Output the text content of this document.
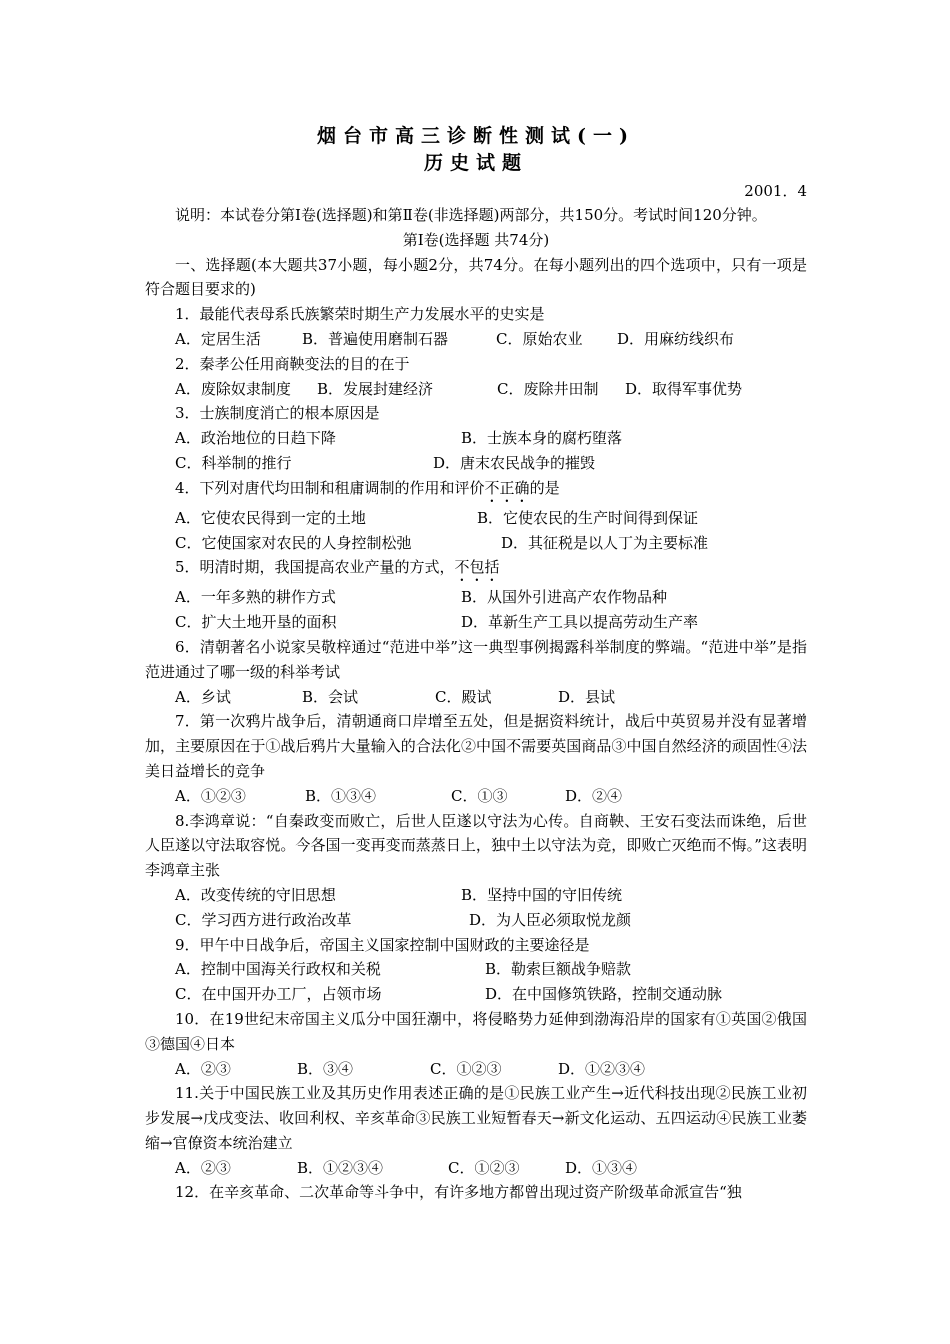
烟台市高三诊断性测试(一)
历史试题
2001．4
说明：本试卷分第Ⅰ卷(选择题)和第Ⅱ卷(非选择题)两部分，共150分。考试时间120分钟。
第Ⅰ卷(选择题 共74分)
一、选择题(本大题共37小题，每小题2分，共74分。在每小题列出的四个选项中，只有一项是符合题目要求的)
1．最能代表母系氏族繁荣时期生产力发展水平的史实是
A．定居生活	B．普遍使用磨制石器	C．原始农业 D．用麻纺线织布
2．秦孝公任用商鞅变法的目的在于
A．废除奴隶制度 B．发展封建经济	C．废除井田制 D．取得军事优势
3．士族制度消亡的根本原因是
A．政治地位的日趋下降	B．士族本身的腐朽堕落
C．科举制的推行	D．唐末农民战争的摧毁
4．下列对唐代均田制和租庸调制的作用和评价不正确的是
A．它使农民得到一定的土地	B．它使农民的生产时间得到保证
C．它使国家对农民的人身控制松弛	D．其征税是以人丁为主要标准
5．明清时期，我国提高农业产量的方式，不包括
A．一年多熟的耕作方式	B．从国外引进高产农作物品种
C．扩大土地开垦的面积	D．革新生产工具以提高劳动生产率
6．清朝著名小说家吴敬梓通过“范进中举”这一典型事例揭露科举制度的弊端。“范进中举”是指范进通过了哪一级的科举考试
A．乡试	B．会试	C．殿试	D．县试
7．第一次鸦片战争后，清朝通商口岸增至五处，但是据资料统计，战后中英贸易并没有显著增加，主要原因在于①战后鸦片大量输入的合法化②中国不需要英国商品③中国自然经济的顽固性④法美日益增长的竞争
A．①②③	B．①③④	C．①③	D．②④
8.李鸿章说：“自秦政变而败亡，后世人臣遂以守法为心传。自商鞅、王安石变法而诛绝，后世人臣遂以守法取容悦。今各国一变再变而蒸蒸日上，独中土以守法为竞，即败亡灭绝而不悔。”这表明李鸿章主张
A．改变传统的守旧思想	B．坚持中国的守旧传统
C．学习西方进行政治改革	D．为人臣必须取悦龙颜
9．甲午中日战争后，帝国主义国家控制中国财政的主要途径是
A．控制中国海关行政权和关税	B．勒索巨额战争赔款
C．在中国开办工厂，占领市场	D．在中国修筑铁路，控制交通动脉
10．在19世纪末帝国主义瓜分中国狂潮中，将侵略势力延伸到渤海沿岸的国家有①英国②俄国③德国④日本
A．②③	B．③④	C．①②③	D．①②③④
11.关于中国民族工业及其历史作用表述正确的是①民族工业产生→近代科技出现②民族工业初步发展→戊戌变法、收回利权、辛亥革命③民族工业短暂春天→新文化运动、五四运动④民族工业萎缩→官僚资本统治建立
A．②③	B．①②③④	C．①②③	D．①③④
12．在辛亥革命、二次革命等斗争中，有许多地方都曾出现过资产阶级革命派宣告“独
